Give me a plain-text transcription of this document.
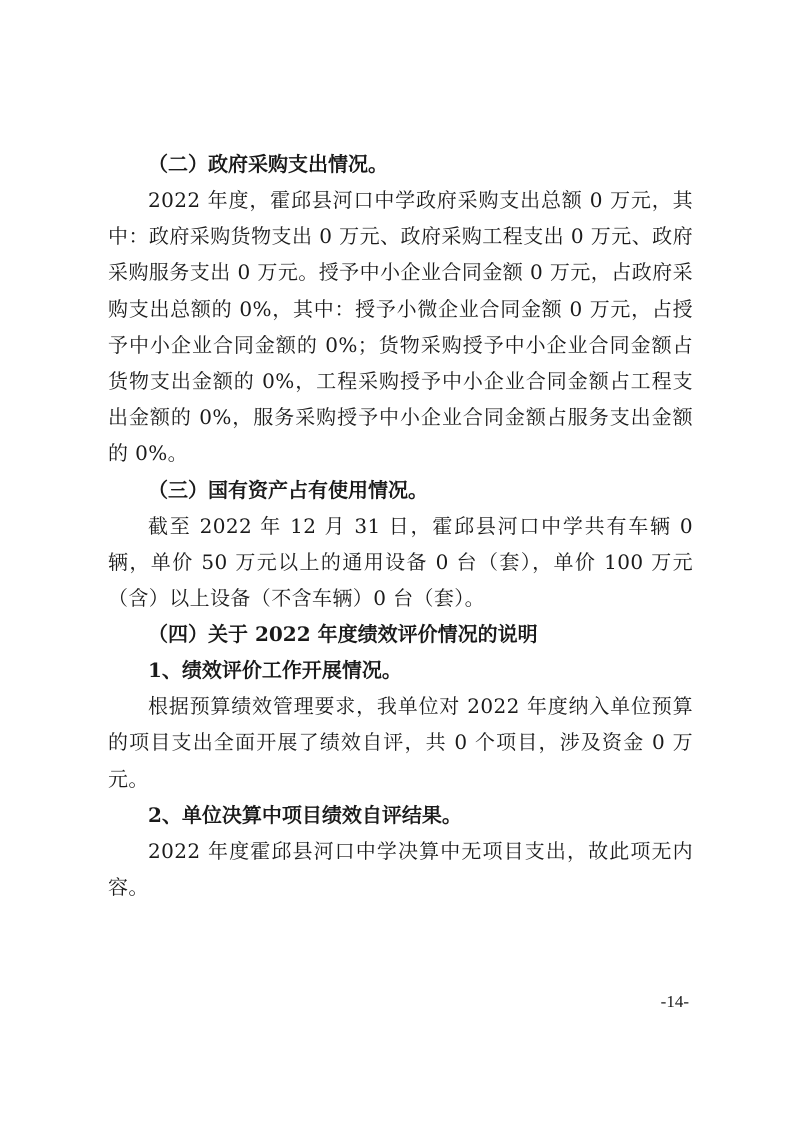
（二）政府采购支出情况。

2022 年度，霍邱县河口中学政府采购支出总额 0 万元，其中：政府采购货物支出 0 万元、政府采购工程支出 0 万元、政府采购服务支出 0 万元。授予中小企业合同金额 0 万元，占政府采购支出总额的 0%，其中：授予小微企业合同金额 0 万元，占授予中小企业合同金额的 0%；货物采购授予中小企业合同金额占货物支出金额的 0%，工程采购授予中小企业合同金额占工程支出金额的 0%，服务采购授予中小企业合同金额占服务支出金额的 0%。

（三）国有资产占有使用情况。

截至 2022 年 12 月 31 日，霍邱县河口中学共有车辆 0 辆，单价 50 万元以上的通用设备 0 台（套），单价 100 万元（含）以上设备（不含车辆）0 台（套）。

（四）关于 2022 年度绩效评价情况的说明

1、绩效评价工作开展情况。

根据预算绩效管理要求，我单位对 2022 年度纳入单位预算的项目支出全面开展了绩效自评，共 0 个项目，涉及资金 0 万元。

2、单位决算中项目绩效自评结果。

2022 年度霍邱县河口中学决算中无项目支出，故此项无内容。

-14-
